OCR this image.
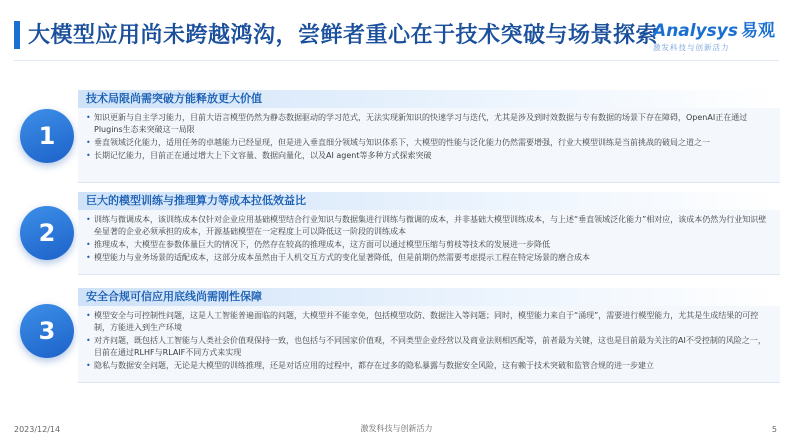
大模型应用尚未跨越鸿沟，尝鲜者重心在于技术突破与场景探索
Analysys 易观
激发科技与创新活力
1
技术局限尚需突破方能释放更大价值
• 知识更新与自主学习能力，目前大语言模型仍然为静态数据驱动的学习范式，无法实现新知识的快速学习与迭代，尤其是涉及到时效数据与专有数据的场景下存在障碍，OpenAI正在通过Plugins生态来突破这一局限
• 垂直领域泛化能力，适用任务的卓越能力已经显现，但是进入垂直细分领域与知识体系下，大模型的性能与泛化能力仍然需要增强，行业大模型训练是当前挑战的破局之道之一
• 长期记忆能力，目前正在通过增大上下文容量、数据向量化，以及AI agent等多种方式探索突破
2
巨大的模型训练与推理算力等成本拉低效益比
• 训练与微调成本，该训练成本仅针对企业应用基础模型结合行业知识与数据集进行训练与微调的成本，并非基础大模型训练成本，与上述“垂直领域泛化能力”相对应，该成本仍然为行业知识壁垒显著的企业必须承担的成本，开源基础模型在一定程度上可以降低这一阶段的训练成本
• 推理成本，大模型在参数体量巨大的情况下，仍然存在较高的推理成本，这方面可以通过模型压缩与剪枝等技术的发展进一步降低
• 模型能力与业务场景的适配成本，这部分成本虽然由于人机交互方式的变化显著降低，但是前期仍然需要考虑提示工程在特定场景的磨合成本
3
安全合规可信应用底线尚需刚性保障
• 模型安全与可控制性问题，这是人工智能普遍面临的问题，大模型并不能幸免，包括模型攻防、数据注入等问题；同时，模型能力来自于“涌现”，需要进行模型能力，尤其是生成结果的可控制，方能进入到生产环境
• 对齐问题，既包括人工智能与人类社会价值观保持一致，也包括与不同国家价值观，不同类型企业经营以及商业法则相匹配等，前者最为关键，这也是目前最为关注的AI不受控制的风险之一，目前在通过RLHF与RLAIF不同方式来实现
• 隐私与数据安全问题，无论是大模型的训练推理，还是对话应用的过程中，都存在过多的隐私暴露与数据安全风险，这有赖于技术突破和监管合规的进一步建立
2023/12/14	激发科技与创新活力	5
